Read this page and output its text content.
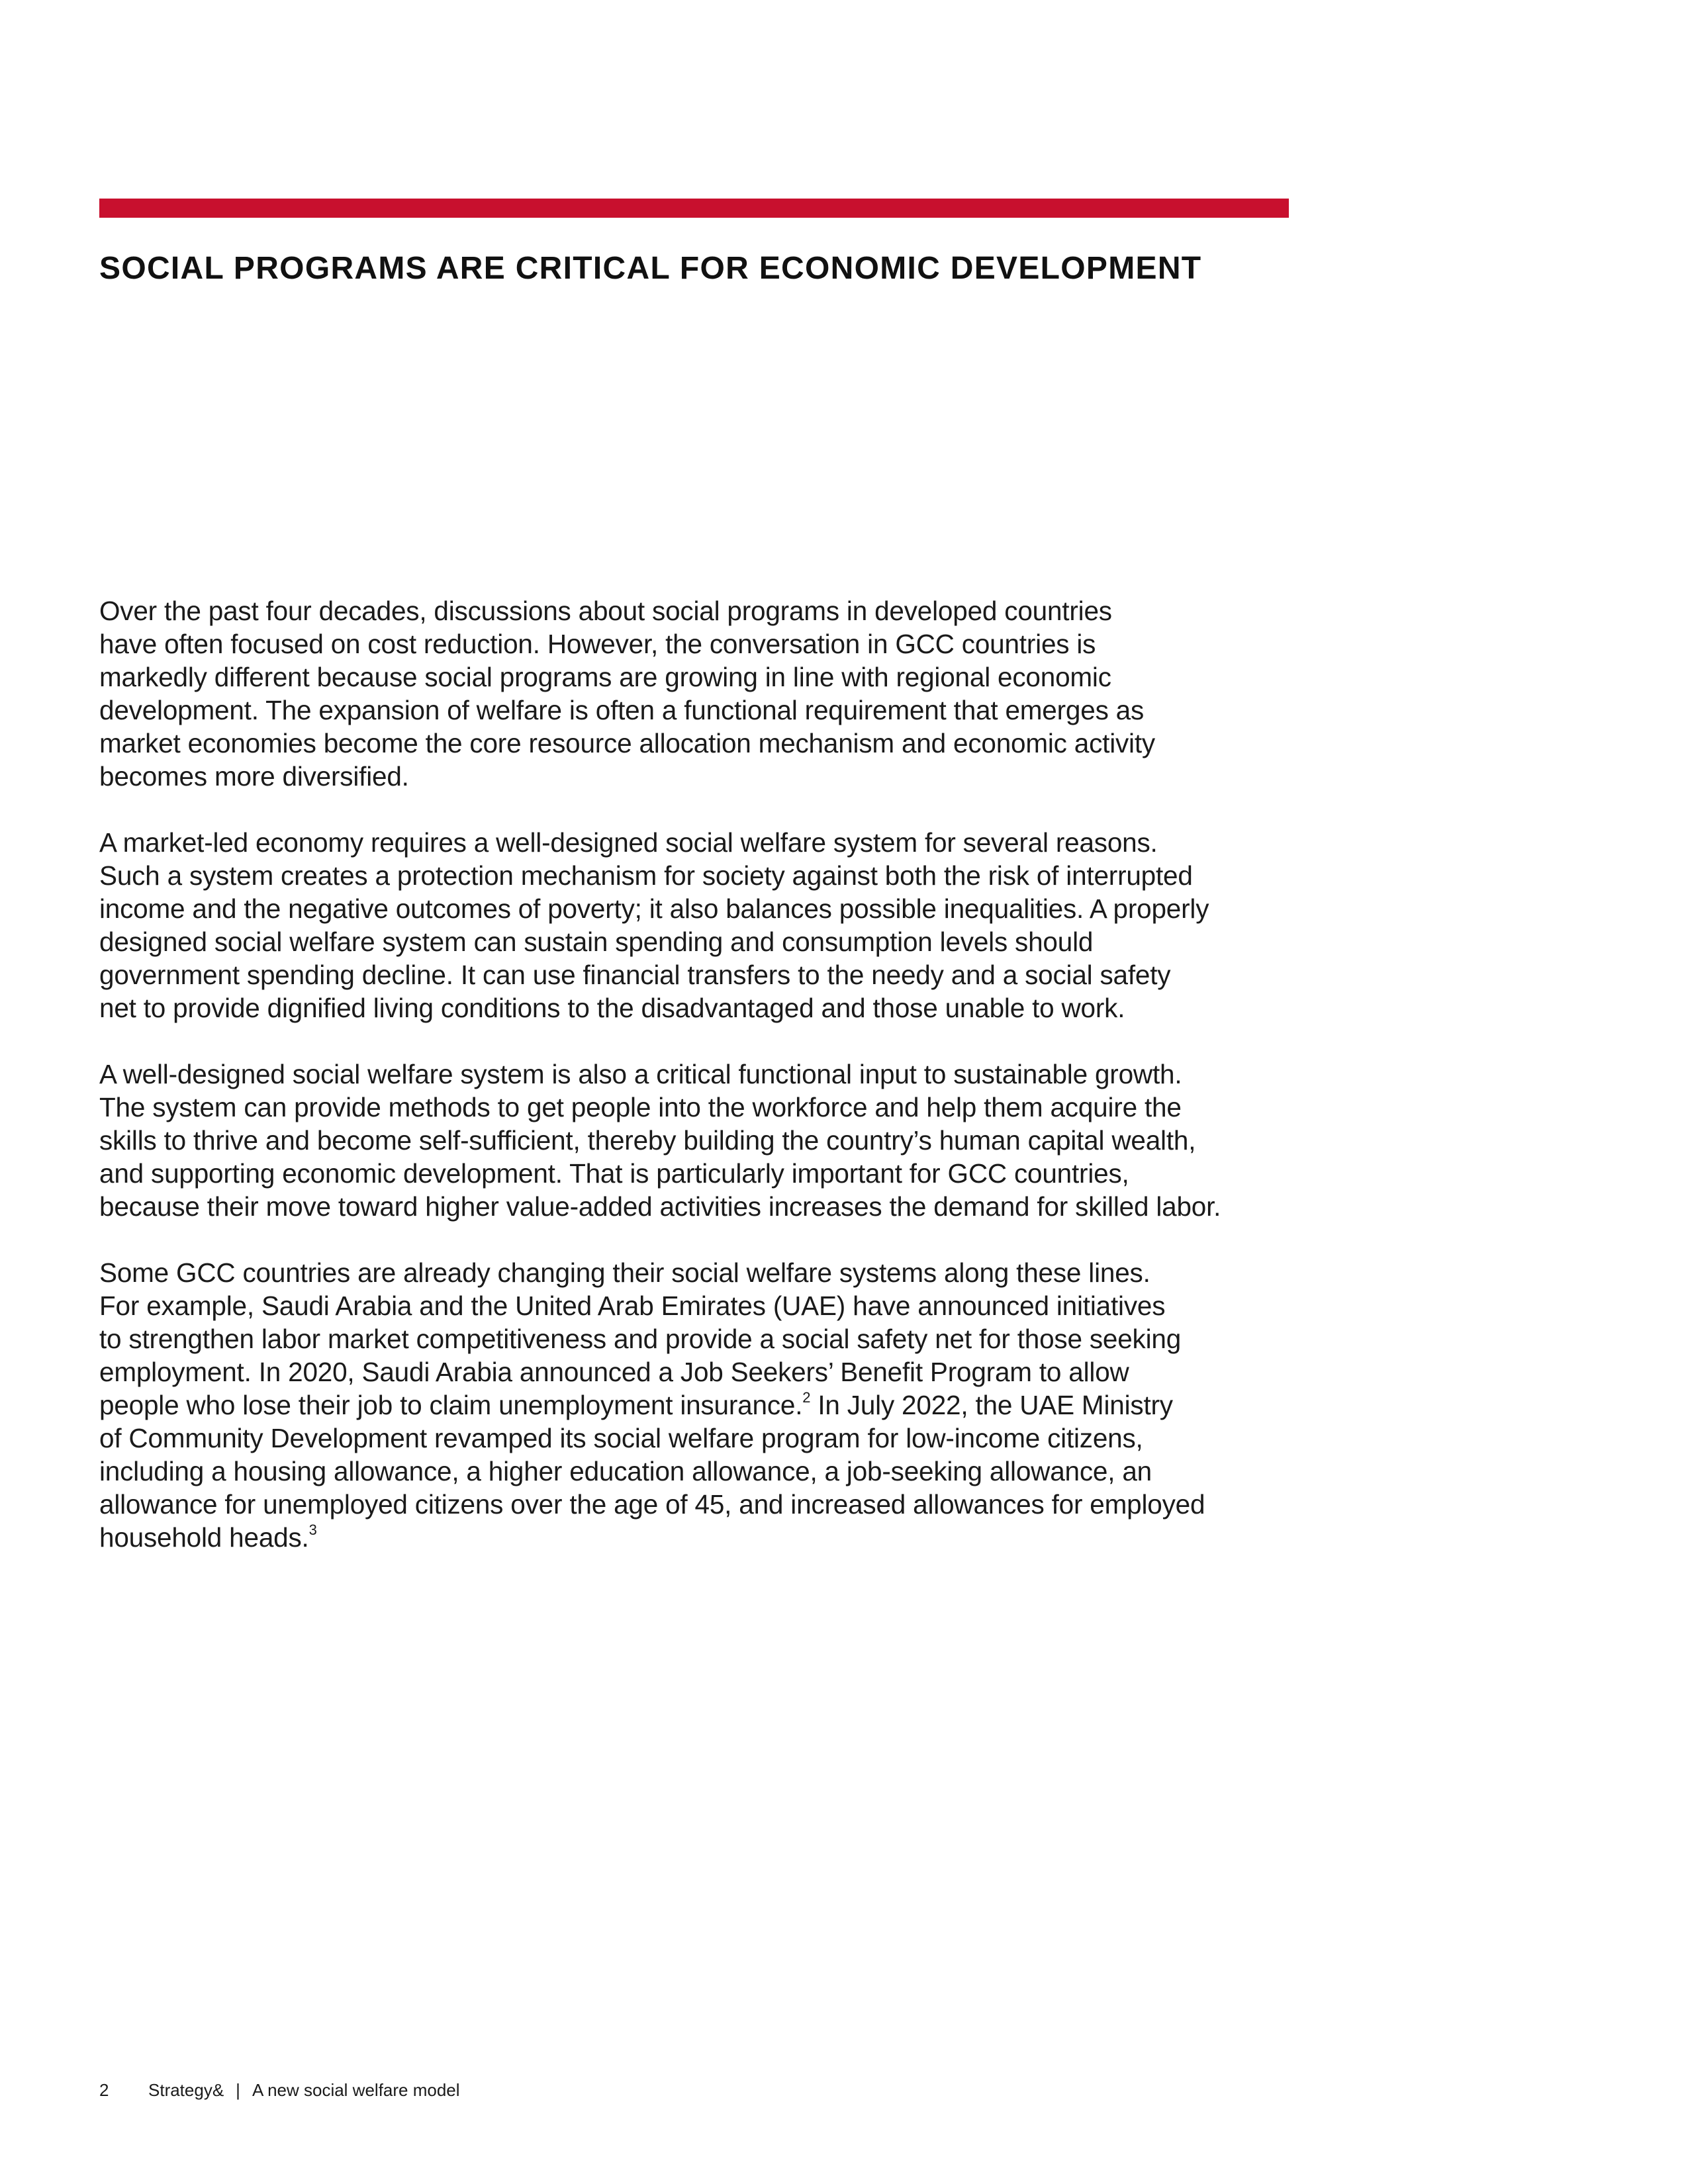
SOCIAL PROGRAMS ARE CRITICAL FOR ECONOMIC DEVELOPMENT

Over the past four decades, discussions about social programs in developed countries
have often focused on cost reduction. However, the conversation in GCC countries is
markedly different because social programs are growing in line with regional economic
development. The expansion of welfare is often a functional requirement that emerges as
market economies become the core resource allocation mechanism and economic activity
becomes more diversified.

A market-led economy requires a well-designed social welfare system for several reasons.
Such a system creates a protection mechanism for society against both the risk of interrupted
income and the negative outcomes of poverty; it also balances possible inequalities. A properly
designed social welfare system can sustain spending and consumption levels should
government spending decline. It can use financial transfers to the needy and a social safety
net to provide dignified living conditions to the disadvantaged and those unable to work.

A well-designed social welfare system is also a critical functional input to sustainable growth.
The system can provide methods to get people into the workforce and help them acquire the
skills to thrive and become self-sufficient, thereby building the country’s human capital wealth,
and supporting economic development. That is particularly important for GCC countries,
because their move toward higher value-added activities increases the demand for skilled labor.

Some GCC countries are already changing their social welfare systems along these lines.
For example, Saudi Arabia and the United Arab Emirates (UAE) have announced initiatives
to strengthen labor market competitiveness and provide a social safety net for those seeking
employment. In 2020, Saudi Arabia announced a Job Seekers’ Benefit Program to allow
people who lose their job to claim unemployment insurance.$^2$ In July 2022, the UAE Ministry
of Community Development revamped its social welfare program for low-income citizens,
including a housing allowance, a higher education allowance, a job-seeking allowance, an
allowance for unemployed citizens over the age of 45, and increased allowances for employed
household heads.$^3$

2 Strategy& | A new social welfare model
